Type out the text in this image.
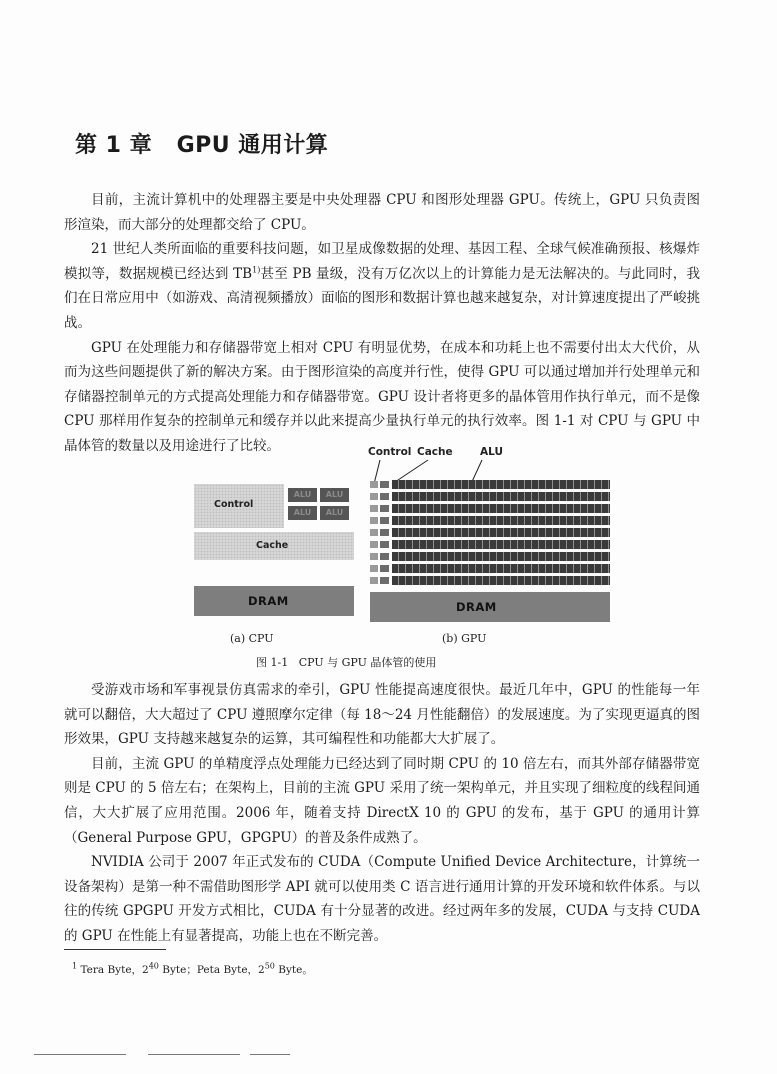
第 1 章   GPU 通用计算

目前，主流计算机中的处理器主要是中央处理器 CPU 和图形处理器 GPU。传统上，GPU 只负责图形渲染，而大部分的处理都交给了 CPU。

21 世纪人类所面临的重要科技问题，如卫星成像数据的处理、基因工程、全球气候准确预报、核爆炸模拟等，数据规模已经达到 TB$^{1)}$甚至 PB 量级，没有万亿次以上的计算能力是无法解决的。与此同时，我们在日常应用中（如游戏、高清视频播放）面临的图形和数据计算也越来越复杂，对计算速度提出了严峻挑战。

GPU 在处理能力和存储器带宽上相对 CPU 有明显优势，在成本和功耗上也不需要付出太大代价，从而为这些问题提供了新的解决方案。由于图形渲染的高度并行性，使得 GPU 可以通过增加并行处理单元和存储器控制单元的方式提高处理能力和存储器带宽。GPU 设计者将更多的晶体管用作执行单元，而不是像 CPU 那样用作复杂的控制单元和缓存并以此来提高少量执行单元的执行效率。图 1-1 对 CPU 与 GPU 中晶体管的数量以及用途进行了比较。	Control Cache	ALU
Control
ALU	ALU
ALU	ALU
Cache
DRAM	DRAM
(a) CPU	(b) GPU
图 1-1   CPU 与 GPU 晶体管的使用

受游戏市场和军事视景仿真需求的牵引，GPU 性能提高速度很快。最近几年中，GPU 的性能每一年就可以翻倍，大大超过了 CPU 遵照摩尔定律（每 18～24 月性能翻倍）的发展速度。为了实现更逼真的图形效果，GPU 支持越来越复杂的运算，其可编程性和功能都大大扩展了。

目前，主流 GPU 的单精度浮点处理能力已经达到了同时期 CPU 的 10 倍左右，而其外部存储器带宽则是 CPU 的 5 倍左右；在架构上，目前的主流 GPU 采用了统一架构单元，并且实现了细粒度的线程间通信，大大扩展了应用范围。2006 年，随着支持 DirectX 10 的 GPU 的发布，基于 GPU 的通用计算（General Purpose GPU，GPGPU）的普及条件成熟了。

NVIDIA 公司于 2007 年正式发布的 CUDA（Compute Unified Device Architecture，计算统一设备架构）是第一种不需借助图形学 API 就可以使用类 C 语言进行通用计算的开发环境和软件体系。与以往的传统 GPGPU 开发方式相比，CUDA 有十分显著的改进。经过两年多的发展，CUDA 与支持 CUDA 的 GPU 在性能上有显著提高，功能上也在不断完善。

$^1$ Tera Byte，$2^{40}$ Byte；Peta Byte，$2^{50}$ Byte。
